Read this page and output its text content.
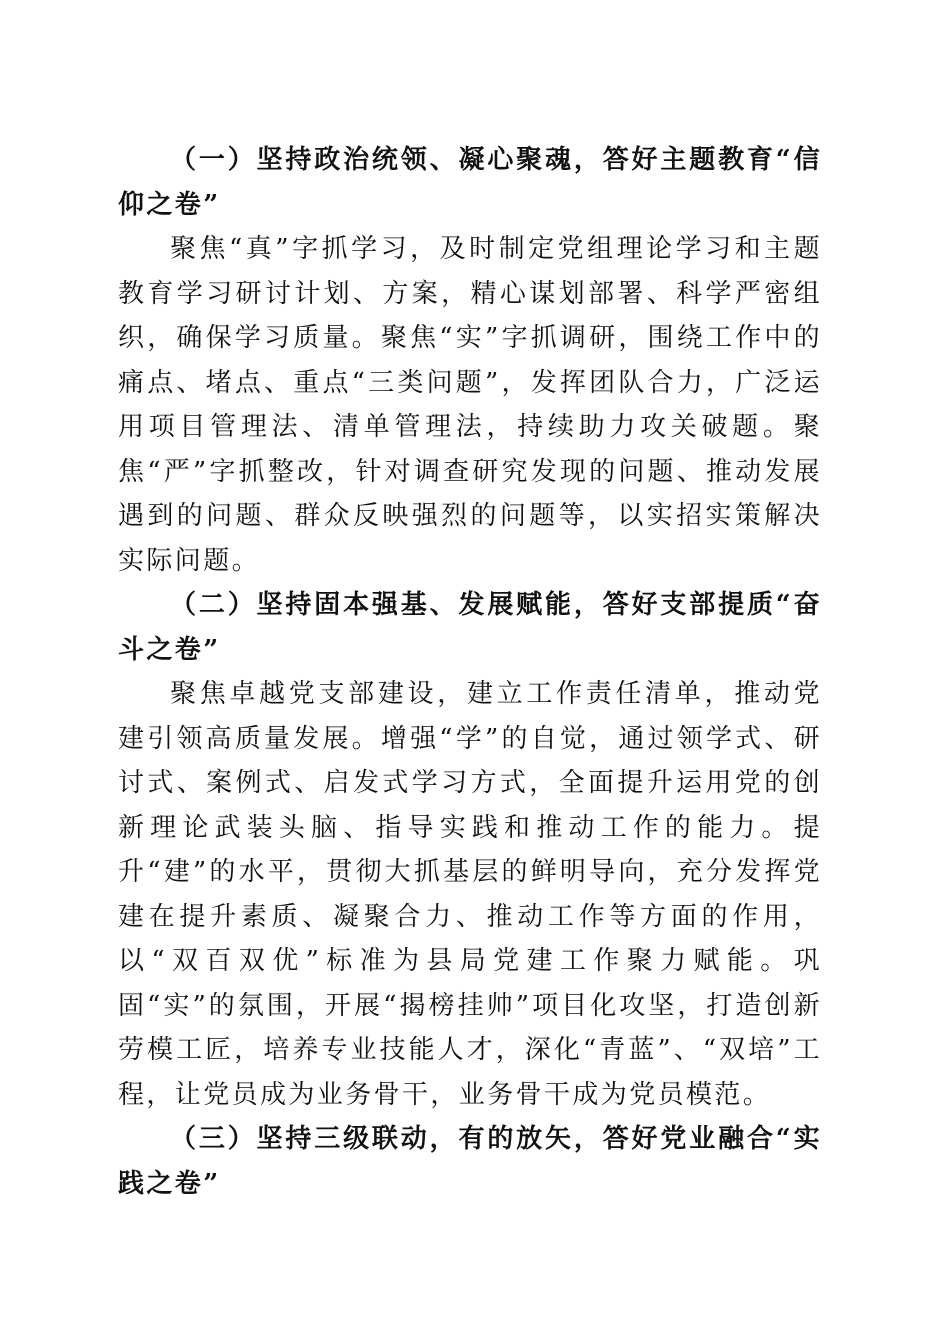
（一）坚持政治统领、凝心聚魂，答好主题教育“信仰之卷”

聚焦“真”字抓学习，及时制定党组理论学习和主题教育学习研讨计划、方案，精心谋划部署、科学严密组织，确保学习质量。聚焦“实”字抓调研，围绕工作中的痛点、堵点、重点“三类问题”，发挥团队合力，广泛运用项目管理法、清单管理法，持续助力攻关破题。聚焦“严”字抓整改，针对调查研究发现的问题、推动发展遇到的问题、群众反映强烈的问题等，以实招实策解决实际问题。

（二）坚持固本强基、发展赋能，答好支部提质“奋斗之卷”

聚焦卓越党支部建设，建立工作责任清单，推动党建引领高质量发展。增强“学”的自觉，通过领学式、研讨式、案例式、启发式学习方式，全面提升运用党的创新理论武装头脑、指导实践和推动工作的能力。提升“建”的水平，贯彻大抓基层的鲜明导向，充分发挥党建在提升素质、凝聚合力、推动工作等方面的作用，以“双百双优”标准为县局党建工作聚力赋能。巩固“实”的氛围，开展“揭榜挂帅”项目化攻坚，打造创新劳模工匠，培养专业技能人才，深化“青蓝”、“双培”工程，让党员成为业务骨干，业务骨干成为党员模范。

（三）坚持三级联动，有的放矢，答好党业融合“实践之卷”
